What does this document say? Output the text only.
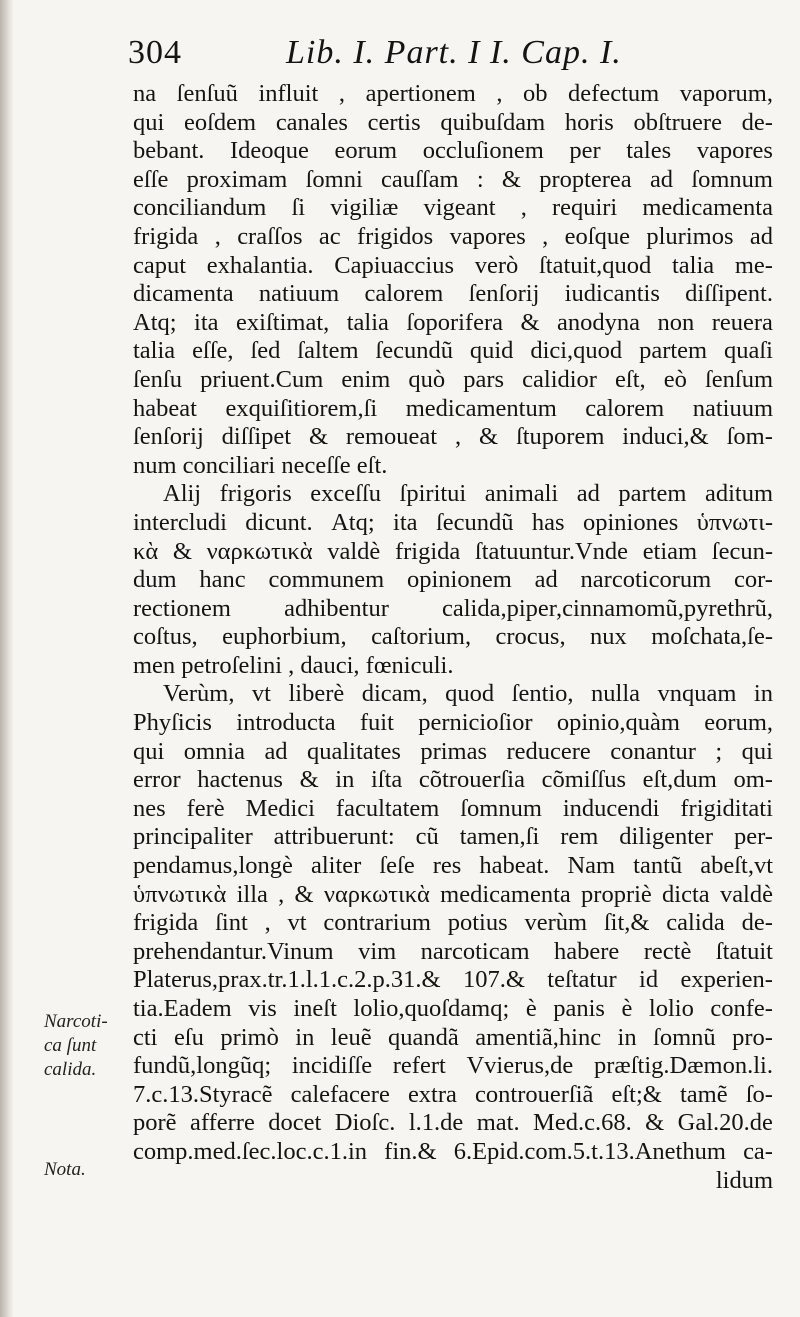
304	Lib. I. Part. I I. Cap. I.
na ſenſuũ influit , apertionem , ob defectum vaporum,
qui eoſdem canales certis quibuſdam horis obſtruere de-
bebant. Ideoque eorum occluſionem per tales vapores
eſſe proximam ſomni cauſſam : & propterea ad ſomnum
conciliandum ſi vigiliæ vigeant , requiri medicamenta
frigida , craſſos ac frigidos vapores , eoſque plurimos ad
caput exhalantia. Capiuaccius verò ſtatuit,quod talia me-
dicamenta natiuum calorem ſenſorij iudicantis diſſipent.
Atq; ita exiſtimat, talia ſoporifera & anodyna non reuera
talia eſſe, ſed ſaltem ſecundũ quid dici,quod partem quaſi
ſenſu priuent.Cum enim quò pars calidior eſt, eò ſenſum
habeat exquiſitiorem,ſi medicamentum calorem natiuum
ſenſorij diſſipet & remoueat , & ſtuporem induci,& ſom-
num conciliari neceſſe eſt.
Alij frigoris exceſſu ſpiritui animali ad partem aditum
intercludi dicunt. Atq; ita ſecundũ has opiniones ὑπνωτι-
κὰ & ναρκωτικὰ valdè frigida ſtatuuntur.Vnde etiam ſecun-
dum hanc communem opinionem ad narcoticorum cor-
rectionem adhibentur calida,piper,cinnamomũ,pyrethrũ,
coſtus, euphorbium, caſtorium, crocus, nux moſchata,ſe-
men petroſelini , dauci, fœniculi.
Verùm, vt liberè dicam, quod ſentio, nulla vnquam in
Phyſicis introducta fuit pernicioſior opinio,quàm eorum,
qui omnia ad qualitates primas reducere conantur ; qui
error hactenus & in iſta cõtrouerſia cõmiſſus eſt,dum om-
nes ferè Medici facultatem ſomnum inducendi frigiditati
principaliter attribuerunt: cũ tamen,ſi rem diligenter per-
pendamus,longè aliter ſeſe res habeat. Nam tantũ abeſt,vt
ὑπνωτικὰ illa , & ναρκωτικὰ medicamenta propriè dicta valdè
frigida ſint , vt contrarium potius verùm ſit,& calida de-
prehendantur.Vinum vim narcoticam habere rectè ſtatuit
Platerus,prax.tr.1.l.1.c.2.p.31.& 107.& teſtatur id experien-
tia.Eadem vis ineſt lolio,quoſdamq; è panis è lolio confe-
cti eſu primò in leuẽ quandã amentiã,hinc in ſomnũ pro-
fundũ,longũq; incidiſſe refert Vvierus,de præſtig.Dæmon.li.
7.c.13.Styracẽ calefacere extra controuerſiã eſt;& tamẽ ſo-
porẽ afferre docet Dioſc. l.1.de mat. Med.c.68. & Gal.20.de
comp.med.ſec.loc.c.1.in fin.& 6.Epid.com.5.t.13.Anethum ca-
lidum
Narcoti-
ca ſunt
calida.
Nota.
